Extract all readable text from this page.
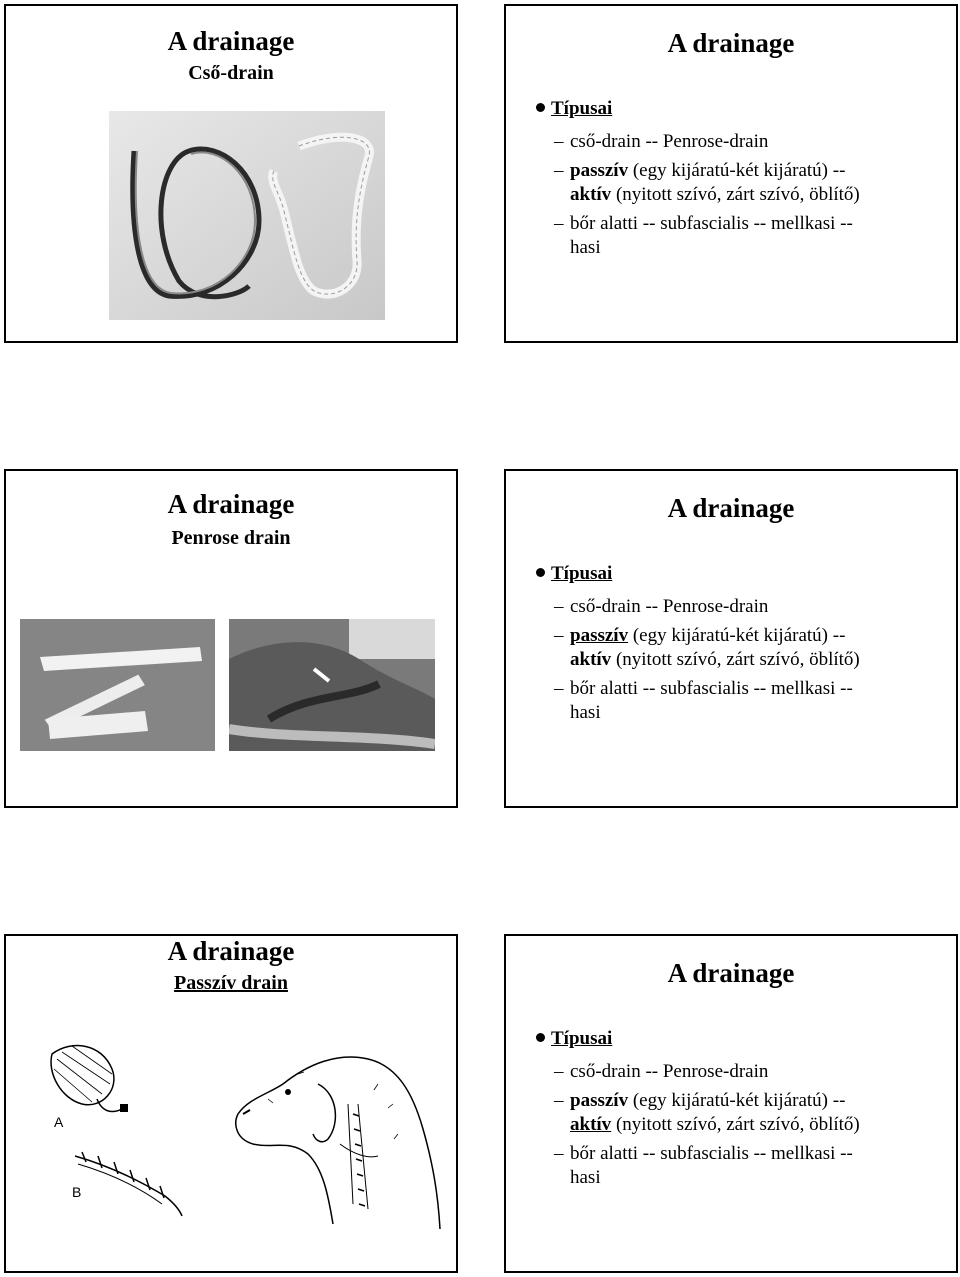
A drainage
Cső-drain
A drainage
Típusai
– cső-drain -- Penrose-drain
– passzív (egy kijáratú-két kijáratú) --
aktív (nyitott szívó, zárt szívó, öblítő)
– bőr alatti -- subfascialis -- mellkasi --
hasi
A drainage
Penrose drain
A drainage
Típusai
– cső-drain -- Penrose-drain
– passzív (egy kijáratú-két kijáratú) --
aktív (nyitott szívó, zárt szívó, öblítő)
– bőr alatti -- subfascialis -- mellkasi --
hasi
A drainage
Passzív drain
A
B
A drainage
Típusai
– cső-drain -- Penrose-drain
– passzív (egy kijáratú-két kijáratú) --
aktív (nyitott szívó, zárt szívó, öblítő)
– bőr alatti -- subfascialis -- mellkasi --
hasi
